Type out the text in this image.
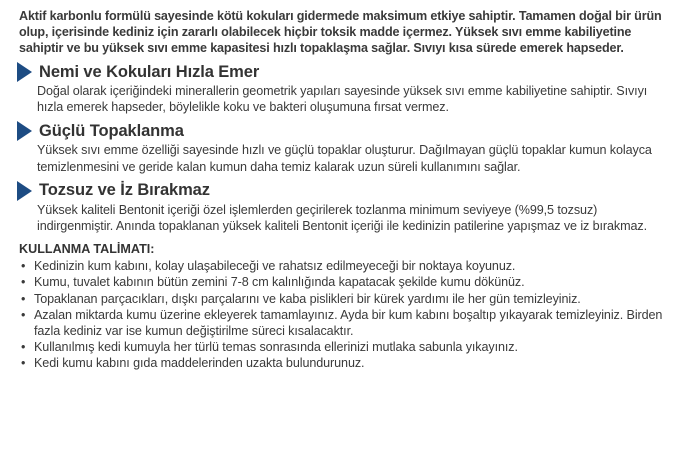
Aktif karbonlu formülü sayesinde kötü kokuları gidermede maksimum etkiye sahiptir. Tamamen doğal bir ürün olup, içerisinde kediniz için zararlı olabilecek hiçbir toksik madde içermez. Yüksek sıvı emme kabiliyetine sahiptir ve bu yüksek sıvı emme kapasitesi hızlı topaklaşma sağlar. Sıvıyı kısa sürede emerek hapseder.

Nemi ve Kokuları Hızla Emer

Doğal olarak içeriğindeki minerallerin geometrik yapıları sayesinde yüksek sıvı emme kabiliyetine sahiptir. Sıvıyı hızla emerek hapseder, böylelikle koku ve bakteri oluşumuna fırsat vermez.

Güçlü Topaklanma

Yüksek sıvı emme özelliği sayesinde hızlı ve güçlü topaklar oluşturur. Dağılmayan güçlü topaklar kumun kolayca temizlenmesini ve geride kalan kumun daha temiz kalarak uzun süreli kullanımını sağlar.

Tozsuz ve İz Bırakmaz

Yüksek kaliteli Bentonit içeriği özel işlemlerden geçirilerek tozlanma minimum seviyeye (%99,5 tozsuz) indirgenmiştir. Anında topaklanan yüksek kaliteli Bentonit içeriği ile kedinizin patilerine yapışmaz ve iz bırakmaz.

KULLANMA TALİMATI:
• Kedinizin kum kabını, kolay ulaşabileceği ve rahatsız edilmeyeceği bir noktaya koyunuz.
• Kumu, tuvalet kabının bütün zemini 7-8 cm kalınlığında kapatacak şekilde kumu dökünüz.
• Topaklanan parçacıkları, dışkı parçalarını ve kaba pislikleri bir kürek yardımı ile her gün temizleyiniz.
• Azalan miktarda kumu üzerine ekleyerek tamamlayınız. Ayda bir kum kabını boşaltıp yıkayarak temizleyiniz. Birden fazla kediniz var ise kumun değiştirilme süreci kısalacaktır.
• Kullanılmış kedi kumuyla her türlü temas sonrasında ellerinizi mutlaka sabunla yıkayınız.
• Kedi kumu kabını gıda maddelerinden uzakta bulundurunuz.
